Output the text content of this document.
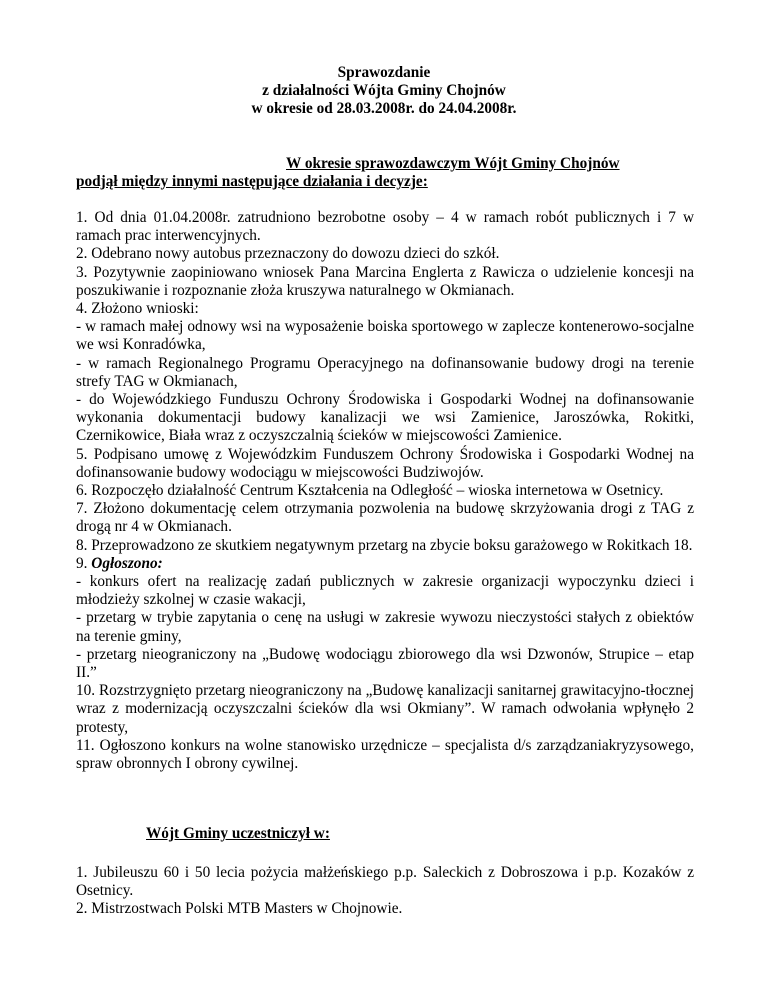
Sprawozdanie
z działalności Wójta Gminy Chojnów
w okresie od 28.03.2008r. do 24.04.2008r.
W okresie sprawozdawczym Wójt Gminy Chojnów
podjął między innymi następujące działania i decyzje:
1. Od dnia 01.04.2008r. zatrudniono bezrobotne osoby – 4 w ramach robót publicznych i 7 w ramach prac interwencyjnych.
2. Odebrano nowy autobus przeznaczony do dowozu dzieci do szkół.
3. Pozytywnie zaopiniowano wniosek Pana Marcina Englerta z Rawicza o udzielenie koncesji na poszukiwanie i rozpoznanie złoża kruszywa naturalnego w Okmianach.
4. Złożono wnioski:
- w ramach małej odnowy wsi na wyposażenie boiska sportowego w zaplecze kontenerowo-socjalne we wsi Konradówka,
- w ramach Regionalnego Programu Operacyjnego na dofinansowanie budowy drogi na terenie strefy TAG w Okmianach,
- do Wojewódzkiego Funduszu Ochrony Środowiska i Gospodarki Wodnej na dofinansowanie wykonania dokumentacji budowy kanalizacji we wsi Zamienice, Jaroszówka, Rokitki, Czernikowice, Biała wraz z oczyszczalnią ścieków w miejscowości Zamienice.
5. Podpisano umowę z Wojewódzkim Funduszem Ochrony Środowiska i Gospodarki Wodnej na dofinansowanie budowy wodociągu w miejscowości Budziwojów.
6. Rozpoczęło działalność Centrum Kształcenia na Odległość – wioska internetowa w Osetnicy.
7. Złożono dokumentację celem otrzymania pozwolenia na budowę skrzyżowania drogi z TAG z drogą nr 4 w Okmianach.
8. Przeprowadzono ze skutkiem negatywnym przetarg na zbycie boksu garażowego w Rokitkach 18.
9. Ogłoszono:
- konkurs ofert na realizację zadań publicznych w zakresie organizacji wypoczynku dzieci i młodzieży szkolnej w czasie wakacji,
- przetarg w trybie zapytania o cenę na usługi w zakresie wywozu nieczystości stałych z obiektów na terenie gminy,
- przetarg nieograniczony na „Budowę wodociągu zbiorowego dla wsi Dzwonów, Strupice – etap II.”
10. Rozstrzygnięto przetarg nieograniczony na „Budowę kanalizacji sanitarnej grawitacyjno-tłocznej wraz z modernizacją oczyszczalni ścieków dla wsi Okmiany”. W ramach odwołania wpłynęło 2 protesty,
11. Ogłoszono konkurs na wolne stanowisko urzędnicze – specjalista d/s zarządzaniakryzysowego, spraw obronnych I obrony cywilnej.
Wójt Gminy uczestniczył w:
1. Jubileuszu 60 i 50 lecia pożycia małżeńskiego p.p. Saleckich z Dobroszowa i p.p. Kozaków z Osetnicy.
2. Mistrzostwach Polski MTB Masters w Chojnowie.
